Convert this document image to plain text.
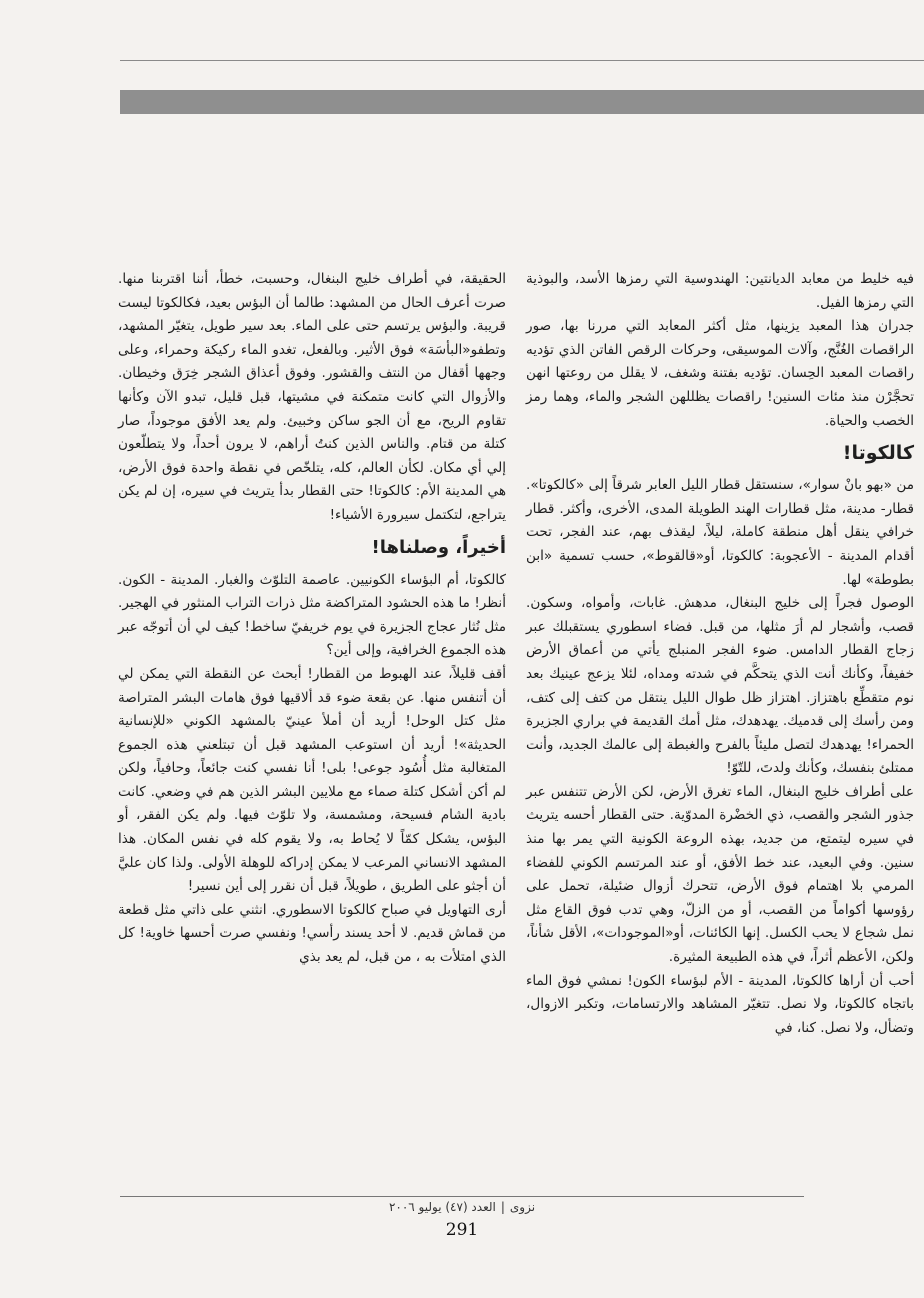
فيه خليط من معابد الديانتين: الهندوسية التي رمزها الأسد، والبوذية التي رمزها الفيل.

جدران هذا المعبد يزينها، مثل أكثر المعابد التي مررنا بها، صور الراقصات الغُنَّج، وآلات الموسيقى، وحركات الرقص الفاتن الذي تؤديه راقصات المعبد الحِسان. تؤديه بفتنة وشغف، لا يقلل من روعتها انهن تحجَّرْن منذ مئات السنين! راقصات يظللهن الشجر والماء، وهما رمز الخصب والحياة.

كالكوتا!

من «بهو بانْ سوار»، سنستقل قطار الليل العابر شرقاً إلى «كالكوتا». قطار- مدينة، مثل قطارات الهند الطويلة المدى، الأخرى، وأكثر. قطار خرافي ينقل أهل منطقة كاملة، ليلاً، ليقذف بهم، عند الفجر، تحت أقدام المدينة - الأعجوبة: كالكوتا، أو«قالقوط»، حسب تسمية «ابن بطوطة» لها.

الوصول فجراً إلى خليج البنغال، مدهش. غابات، وأمواه، وسكون. قصب، وأشجار لم أرَ مثلها، من قبل. فضاء اسطوري يستقبلك عبر زجاج القطار الدامس. ضوء الفجر المنبلج يأتي من أعماق الأرض خفيفاً، وكأنك أنت الذي يتحكَّم في شدته ومداه، لئلا يزعج عينيك بعد نوم متقطِّع باهتزاز. اهتزاز ظل طوال الليل ينتقل من كتف إلى كتف، ومن رأسك إلى قدميك. يهدهدك، مثل أمك القديمة في براري الجزيرة الحمراء! يهدهدك لتصل مليئاً بالفرح والغبطة إلى عالمك الجديد، وأنت ممتلئ بنفسك، وكأنك ولدتَ، للتّوّ!

على أطراف خليج البنغال، الماء تغرق الأرض، لكن الأرض تتنفس عبر جذور الشجر والقصب، ذي الخضْرة المدوّية. حتى القطار أحسه يتريث في سيره ليتمتع، من جديد، بهذه الروعة الكونية التي يمر بها منذ سنين. وفي البعيد، عند خط الأفق، أو عند المرتسم الكوني للفضاء المرمي بلا اهتمام فوق الأرض، تتحرك أزوال ضئيلة، تحمل على رؤوسها أكواماً من القصب، أو من الزلّ، وهي تدب فوق القاع مثل نمل شجاع لا يحب الكسل. إنها الكائنات، أو«الموجودات»، الأقل شأناً، ولكن، الأعظم أثراً، في هذه الطبيعة المثيرة.

أحب أن أراها كالكوتا، المدينة - الأم لبؤساء الكون! نمشي فوق الماء باتجاه كالكوتا، ولا نصل. تتغيّر المشاهد والارتسامات، وتكبر الازوال، وتضأل، ولا نصل. كنا، في

الحقيقة، في أطراف خليج البنغال، وحسبت، خطأ، أننا اقتربنا منها. صرت أعرف الحال من المشهد: طالما أن البؤس بعيد، فكالكوتا ليست قريبة. والبؤس يرتسم حتى على الماء. بعد سير طويل، يتغيّر المشهد، وتطفو«البأسَة» فوق الأثير. وبالفعل، تغدو الماء ركيكة وحمراء، وعلى وجهها أقفال من النتف والقشور. وفوق أعذاق الشجر خِرَق وخيطان. والأزوال التي كانت متمكنة في مشيتها، قبل قليل، تبدو الآن وكأنها تقاوم الريح، مع أن الجو ساكن وخبيئ. ولم يعد الأفق موجوداً، صار كتلة من قتام. والناس الذين كنتُ أراهم، لا يرون أحداً، ولا يتطلّعون إلي أي مكان. لكأن العالم، كله، يتلخّص في نقطة واحدة فوق الأرض، هي المدينة الأم: كالكوتا! حتى القطار بدأ يتريث في سيره، إن لم يكن يتراجع، لتكتمل سيرورة الأشياء!

أخيراً، وصلناها!

كالكوتا، أم البؤساء الكونيين. عاصمة التلوّث والغبار. المدينة - الكون. أنظر! ما هذه الحشود المتراكضة مثل ذرات التراب المنثور في الهجير. مثل نُثار عجاج الجزيرة في يوم خريفيّ ساخط! كيف لي أن أتوجّه عبر هذه الجموع الخرافية، وإلى أين؟

أقف قليلاً، عند الهبوط من القطار! أبحث عن النقطة التي يمكن لي أن أتنفس منها. عن بقعة ضوء قد ألاقيها فوق هامات البشر المتراصة مثل كتل الوحل! أريد أن أملأ عينيّ بالمشهد الكوني «للإنسانية الحديثة»! أريد أن استوعب المشهد قبل أن تبتلعني هذه الجموع المتغالبة مثل أُسُود جوعى! بلى! أنا نفسي كنت جائعاً، وحافياً، ولكن لم أكن أشكل كتلة صماء مع ملايين البشر الذين هم في وضعي. كانت بادية الشام فسيحة، ومشمسة، ولا تلوّث فيها. ولم يكن الفقر، أو البؤس، يشكل كمّاً لا يُحاط به، ولا يقوم كله في نفس المكان. هذا المشهد الانساني المرعب لا يمكن إدراكه للوهلة الأولى. ولذا كان عليَّ أن أجثو على الطريق ، طويلاً، قبل أن نقرر إلى أين نسير!

أرى التهاويل في صباح كالكوتا الاسطوري. انثني على ذاتي مثل قطعة من قماش قديم. لا أحد يسند رأسي! ونفسي صرت أحسها خاوية! كل الذي امتلأت به ، من قبل، لم يعد بذي

نزوى|العدد (٤٧) يوليو ٢٠٠٦
291
